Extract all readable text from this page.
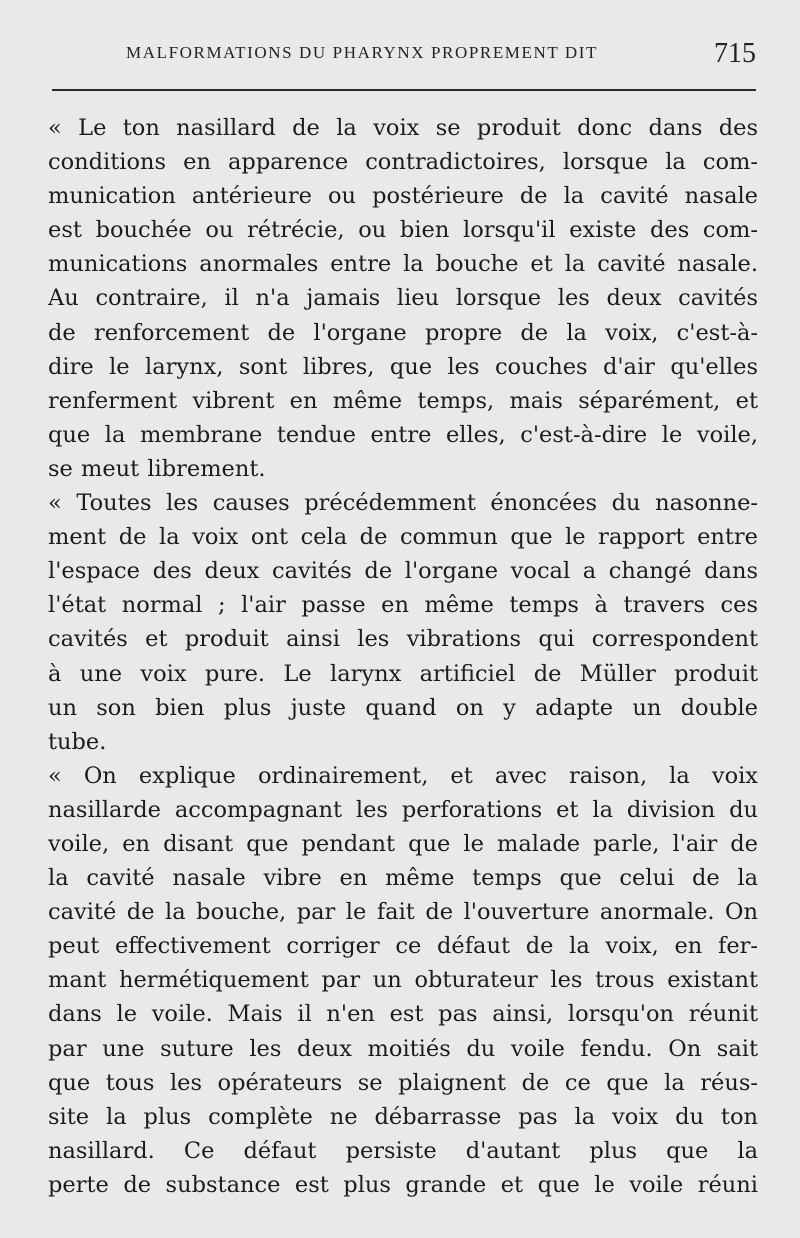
MALFORMATIONS DU PHARYNX PROPREMENT DIT	715
« Le ton nasillard de la voix se produit donc dans des
conditions en apparence contradictoires, lorsque la com-
munication antérieure ou postérieure de la cavité nasale
est bouchée ou rétrécie, ou bien lorsqu'il existe des com-
munications anormales entre la bouche et la cavité nasale.
Au contraire, il n'a jamais lieu lorsque les deux cavités
de renforcement de l'organe propre de la voix, c'est-à-
dire le larynx, sont libres, que les couches d'air qu'elles
renferment vibrent en même temps, mais séparément, et
que la membrane tendue entre elles, c'est-à-dire le voile,
se meut librement.
« Toutes les causes précédemment énoncées du nasonne-
ment de la voix ont cela de commun que le rapport entre
l'espace des deux cavités de l'organe vocal a changé dans
l'état normal ; l'air passe en même temps à travers ces
cavités et produit ainsi les vibrations qui correspondent
à une voix pure. Le larynx artificiel de Müller produit
un son bien plus juste quand on y adapte un double
tube.
« On explique ordinairement, et avec raison, la voix
nasillarde accompagnant les perforations et la division du
voile, en disant que pendant que le malade parle, l'air de
la cavité nasale vibre en même temps que celui de la
cavité de la bouche, par le fait de l'ouverture anormale. On
peut effectivement corriger ce défaut de la voix, en fer-
mant hermétiquement par un obturateur les trous existant
dans le voile. Mais il n'en est pas ainsi, lorsqu'on réunit
par une suture les deux moitiés du voile fendu. On sait
que tous les opérateurs se plaignent de ce que la réus-
site la plus complète ne débarrasse pas la voix du ton
nasillard. Ce défaut persiste d'autant plus que la
perte de substance est plus grande et que le voile réuni
